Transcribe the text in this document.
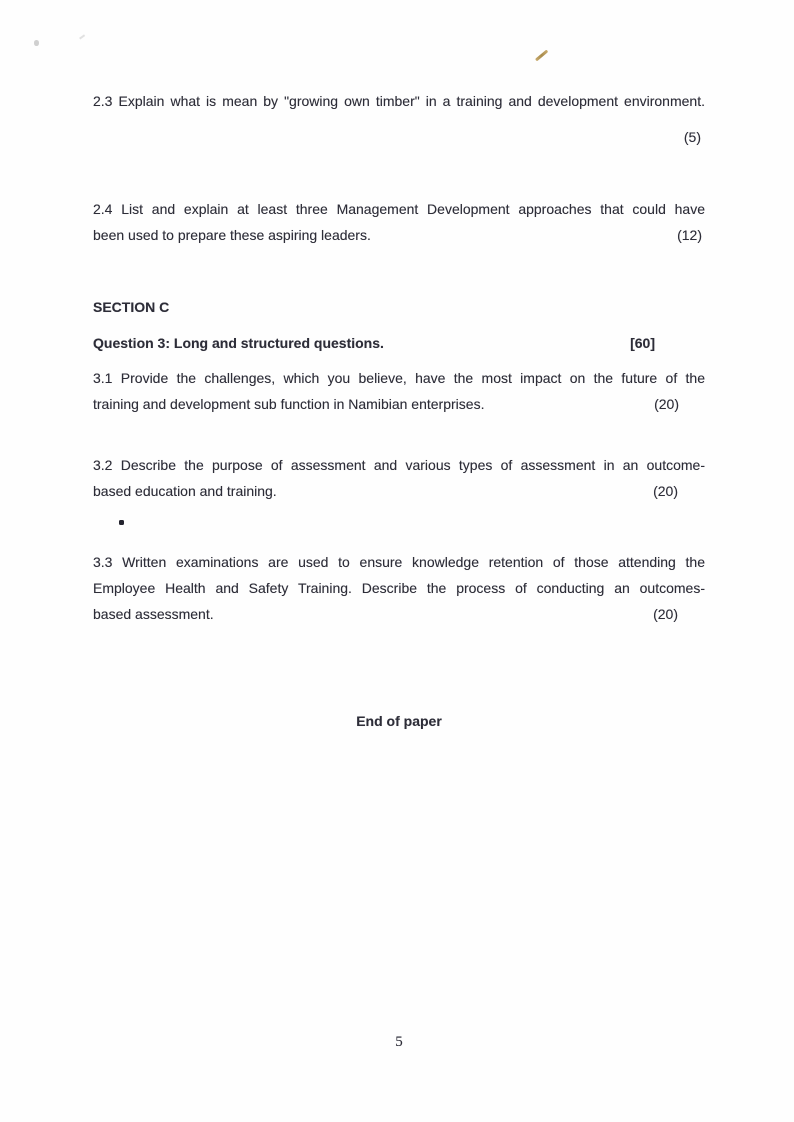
2.3 Explain what is mean by "growing own timber" in a training and development environment.
(5)
2.4 List and explain at least three Management Development approaches that could have
been used to prepare these aspiring leaders.	(12)
SECTION C
Question 3: Long and structured questions.	[60]
3.1 Provide the challenges, which you believe, have the most impact on the future of the
training and development sub function in Namibian enterprises.	(20)
3.2 Describe the purpose of assessment and various types of assessment in an outcome-
based education and training.	(20)
3.3 Written examinations are used to ensure knowledge retention of those attending the
Employee Health and Safety Training. Describe the process of conducting an outcomes-
based assessment.	(20)
End of paper
5
